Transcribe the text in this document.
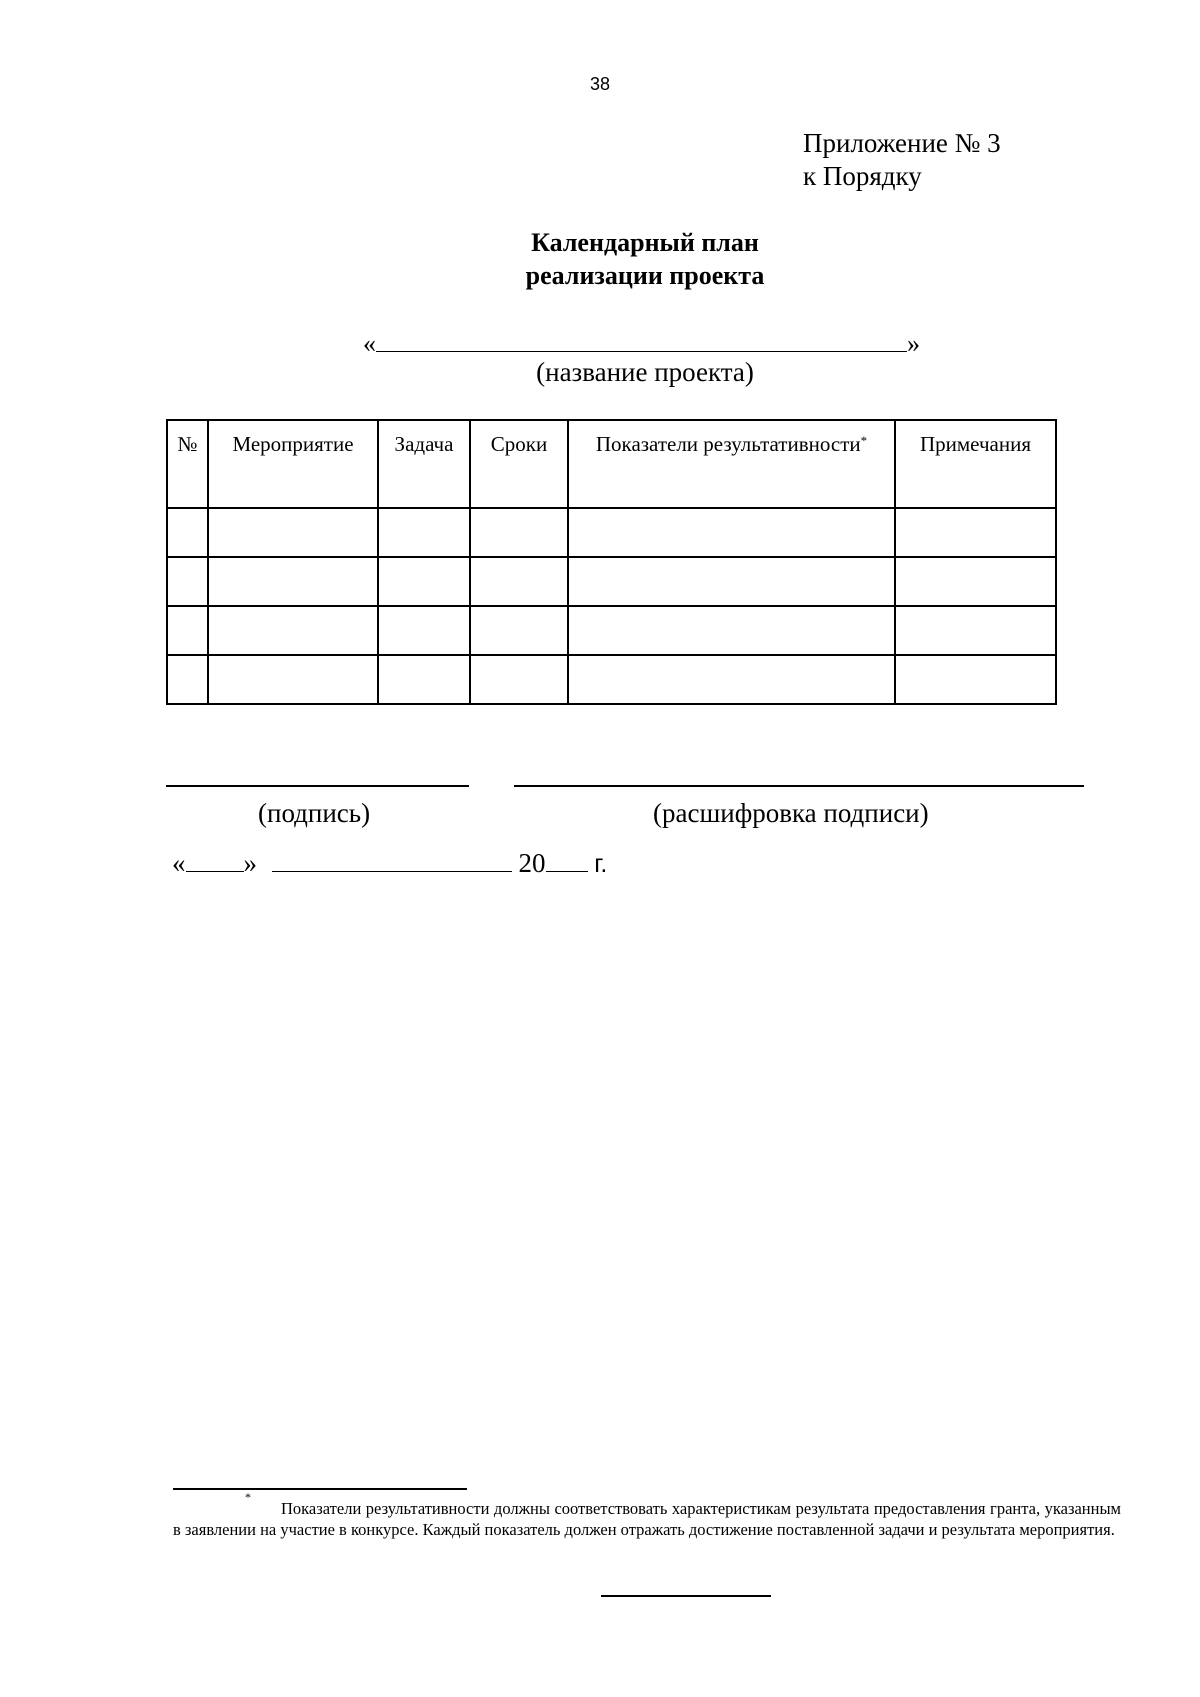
38
Приложение № 3
к Порядку
Календарный план
реализации проекта
«	»
(название проекта)
№	Мероприятие	Задача	Сроки	Показатели результативности*	Примечания

(подпись)	(расшифровка подписи)
« »	20 г.
*
Показатели результативности должны соответствовать характеристикам результата предоставления гранта, указанным в заявлении на участие в конкурсе. Каждый показатель должен отражать достижение поставленной задачи и результата мероприятия.
